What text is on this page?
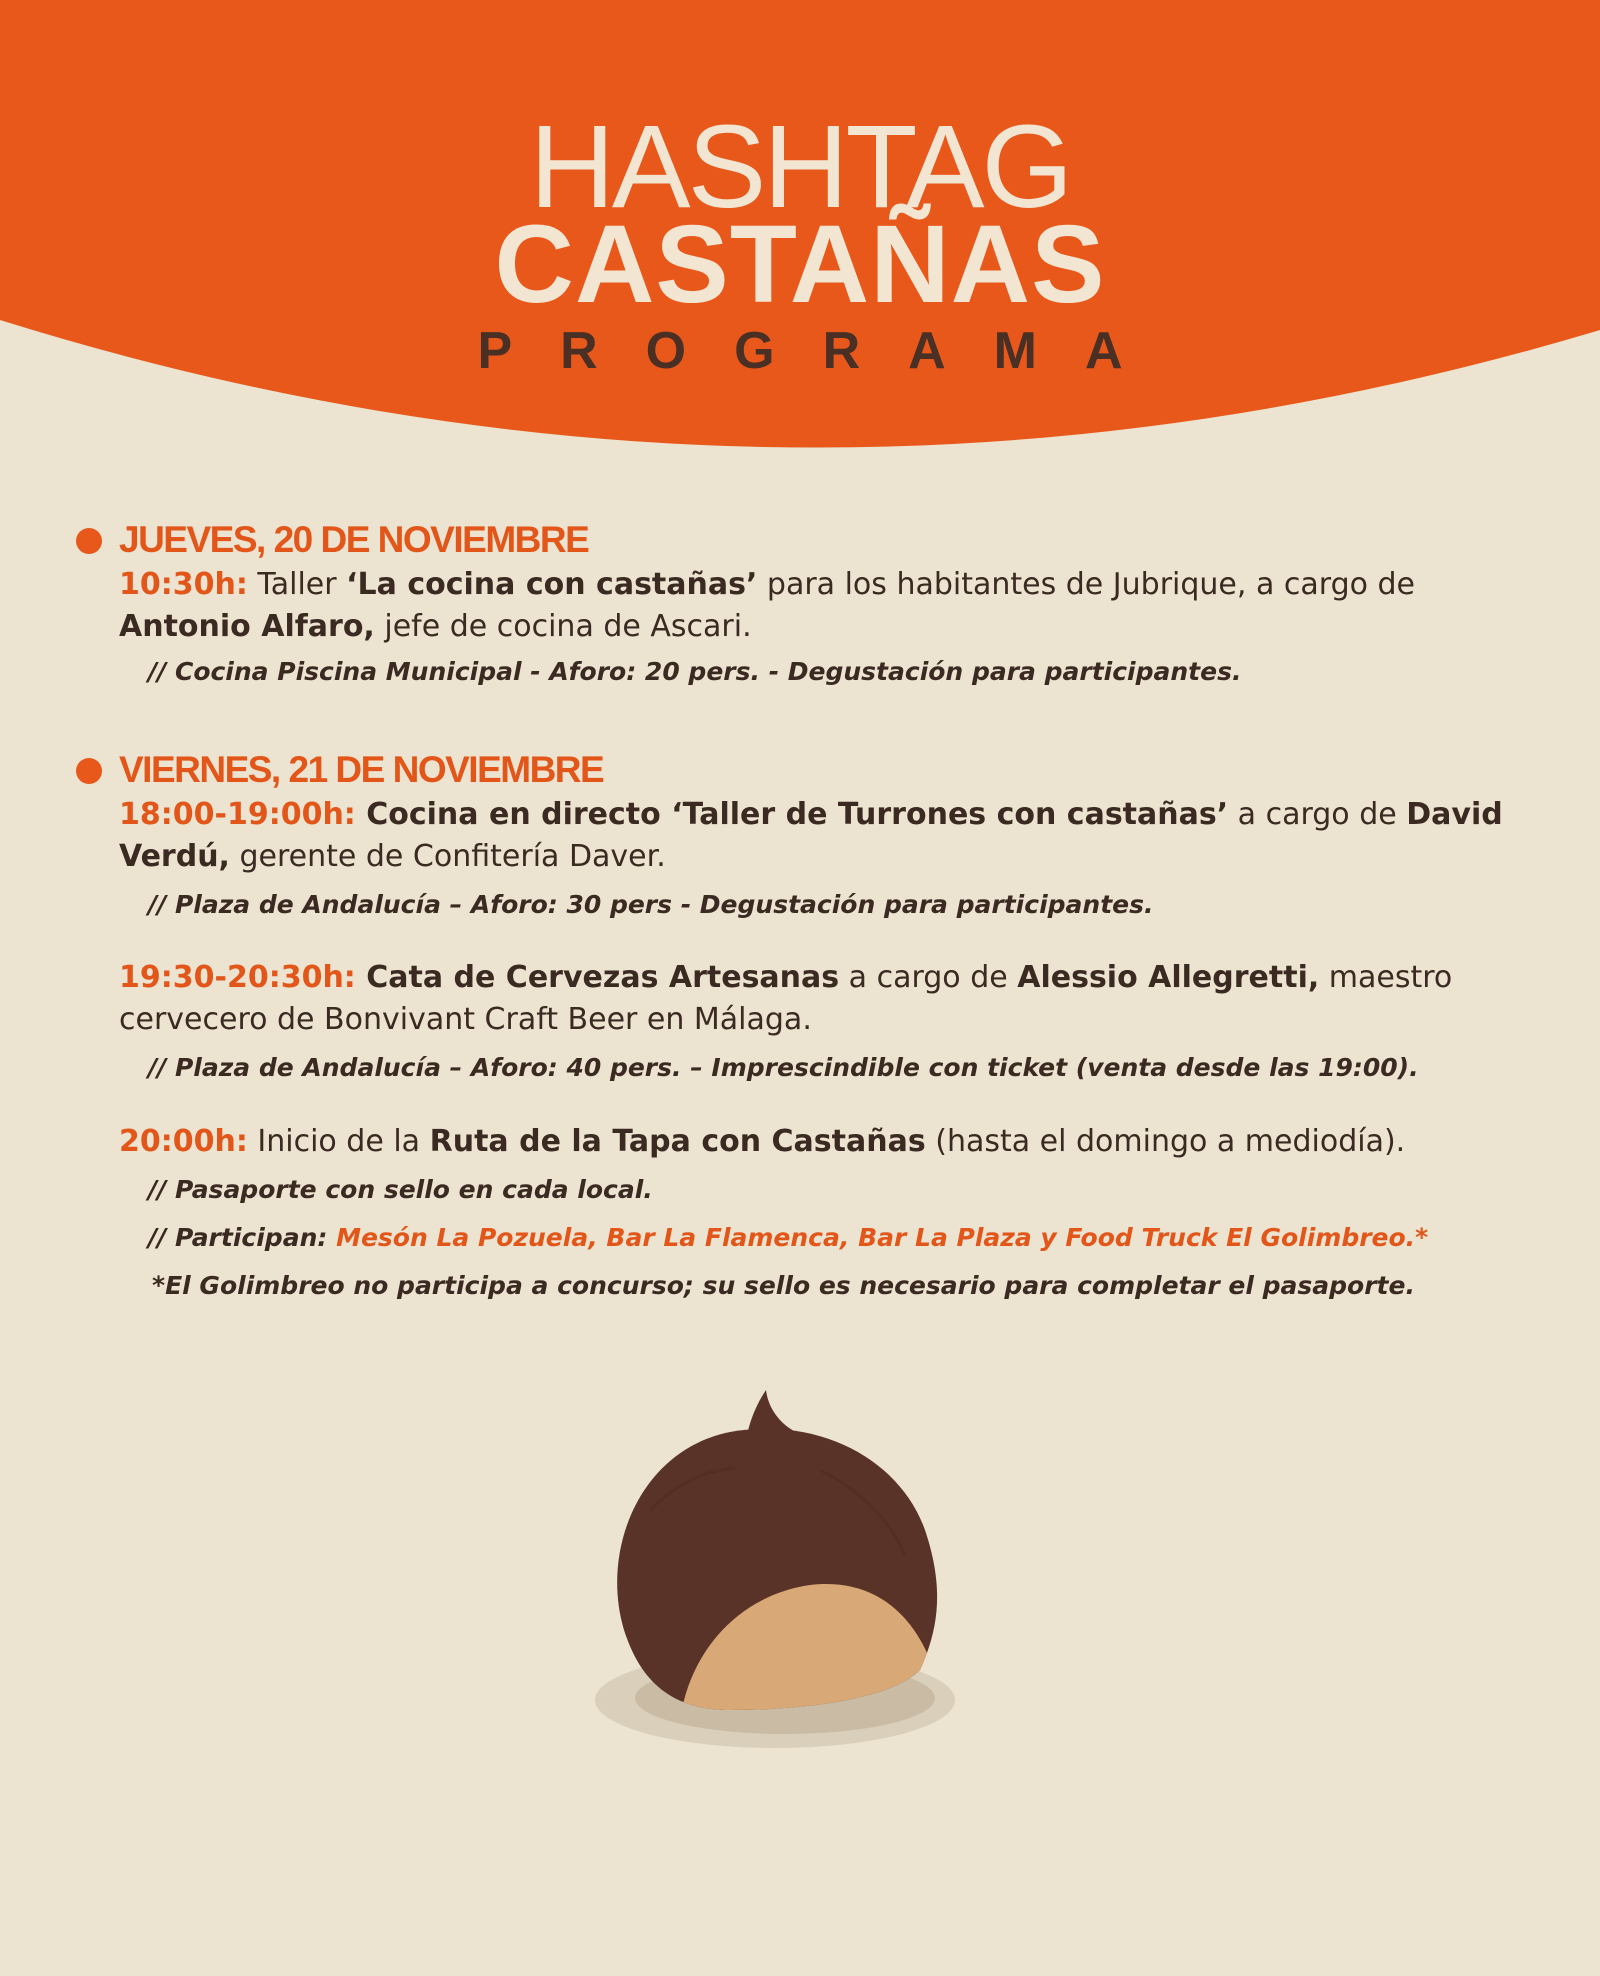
HASHTAG
CASTAÑAS
PROGRAMA
JUEVES, 20 DE NOVIEMBRE
10:30h: Taller ‘La cocina con castañas’ para los habitantes de Jubrique, a cargo de
Antonio Alfaro, jefe de cocina de Ascari.
// Cocina Piscina Municipal - Aforo: 20 pers. - Degustación para participantes.
VIERNES, 21 DE NOVIEMBRE
18:00-19:00h: Cocina en directo ‘Taller de Turrones con castañas’ a cargo de David
Verdú, gerente de Confitería Daver.
// Plaza de Andalucía – Aforo: 30 pers - Degustación para participantes.
19:30-20:30h: Cata de Cervezas Artesanas a cargo de Alessio Allegretti, maestro
cervecero de Bonvivant Craft Beer en Málaga.
// Plaza de Andalucía – Aforo: 40 pers. – Imprescindible con ticket (venta desde las 19:00).
20:00h: Inicio de la Ruta de la Tapa con Castañas (hasta el domingo a mediodía).
// Pasaporte con sello en cada local.
// Participan: Mesón La Pozuela, Bar La Flamenca, Bar La Plaza y Food Truck El Golimbreo.*
*El Golimbreo no participa a concurso; su sello es necesario para completar el pasaporte.
